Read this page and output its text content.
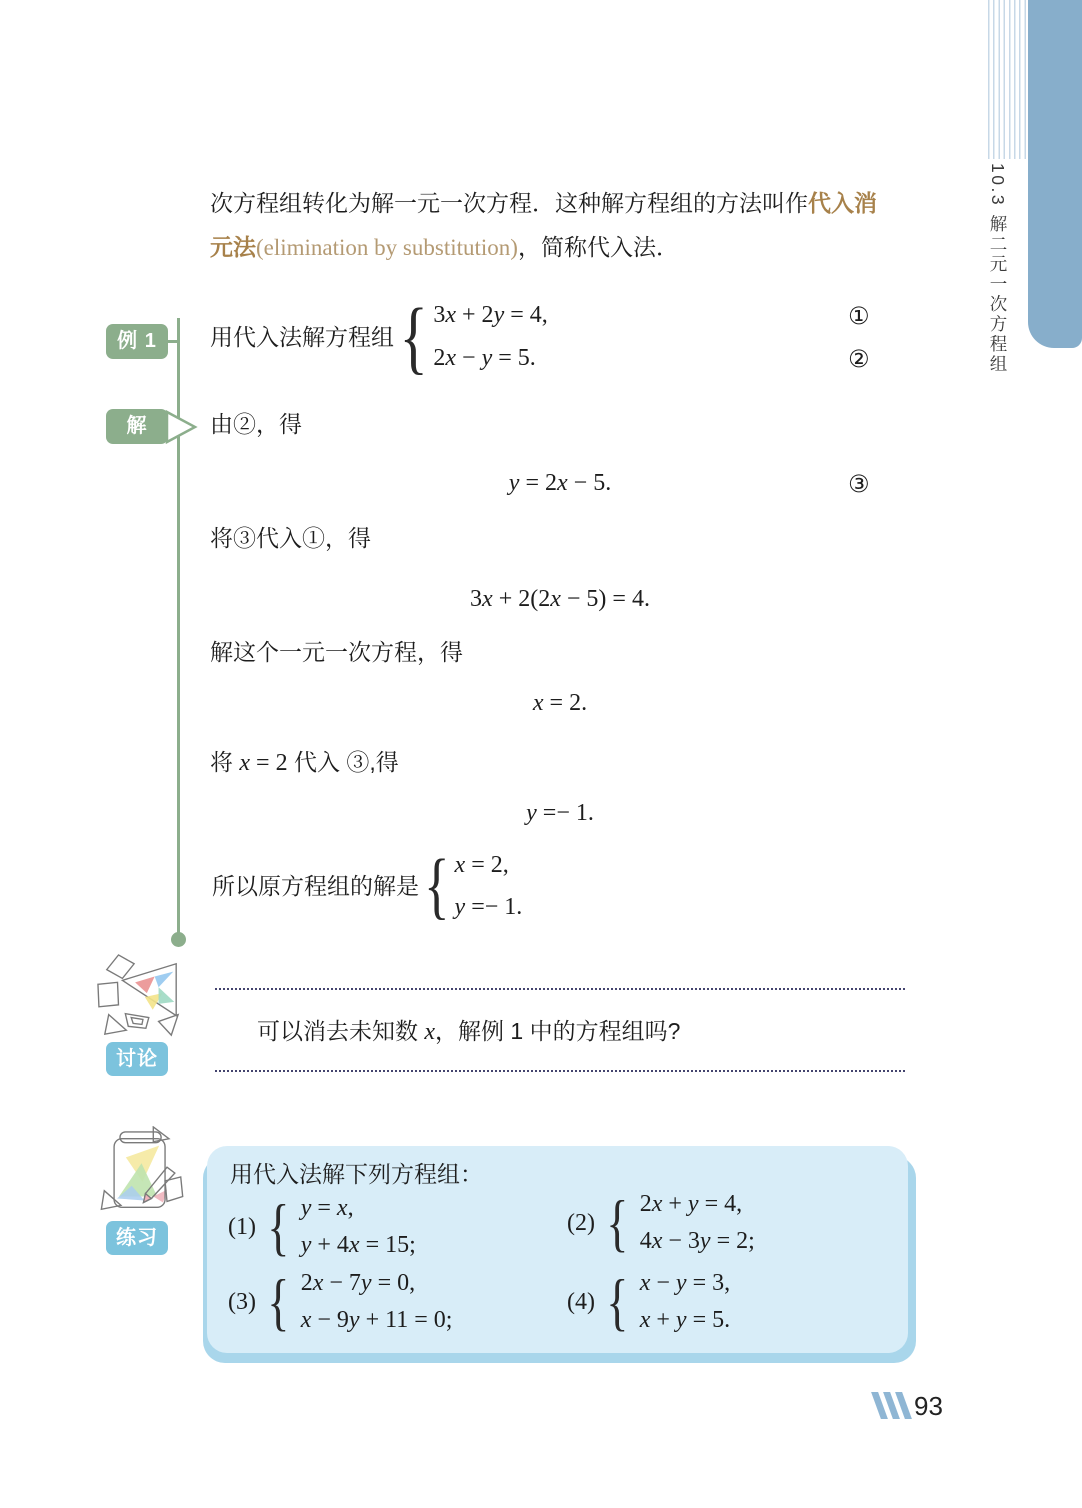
10.3 解二元一次方程组
次方程组转化为解一元一次方程．这种解方程组的方法叫作代入消
元法(elimination by substitution)，简称代入法．
例 1	用代入法解方程组 { 3x + 2y = 4,
2x − y = 5.
①
②
解	由②，得
y = 2x − 5.	③
将③代入①，得
3x + 2(2x − 5) = 4.
解这个一元一次方程，得
x = 2.
将 x = 2 代入 ③,得
y =− 1.
所以原方程组的解是 { x = 2,
y =− 1.
讨论
可以消去未知数 x，解例 1 中的方程组吗?
练习
用代入法解下列方程组：
(1) { y = x,
y + 4x = 15;
(2) { 2x + y = 4,
4x − 3y = 2;
(3) { 2x − 7y = 0,
x − 9y + 11 = 0;
(4) { x − y = 3,
x + y = 5.
93
